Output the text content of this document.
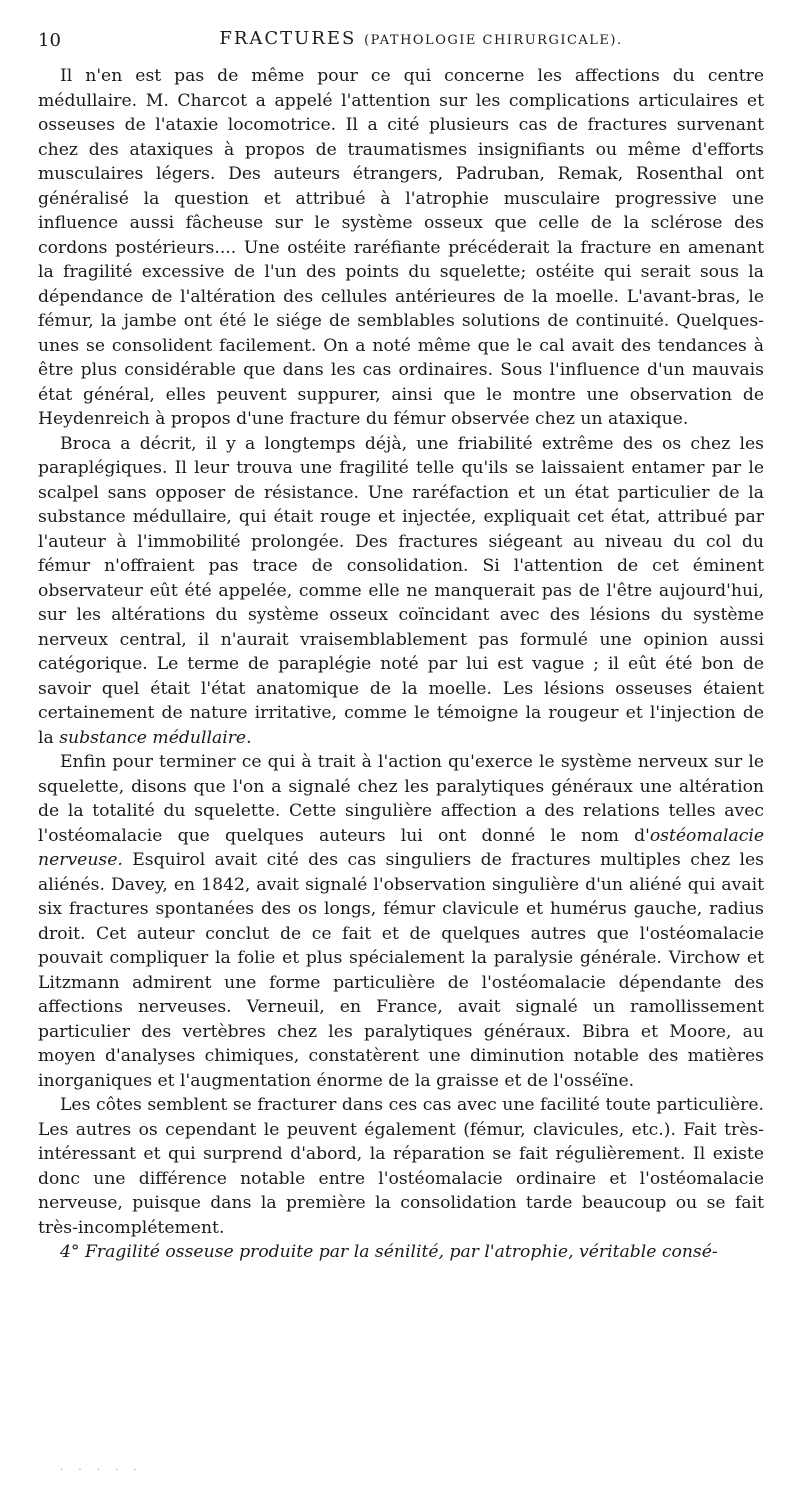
10	FRACTURES (PATHOLOGIE CHIRURGICALE).

Il n'en est pas de même pour ce qui concerne les affections du centre médullaire. M. Charcot a appelé l'attention sur les complications articulaires et osseuses de l'ataxie locomotrice. Il a cité plusieurs cas de fractures survenant chez des ataxiques à propos de traumatismes insignifiants ou même d'efforts musculaires légers. Des auteurs étrangers, Padruban, Remak, Rosenthal ont généralisé la question et attribué à l'atrophie musculaire progressive une influence aussi fâcheuse sur le système osseux que celle de la sclérose des cordons postérieurs.... Une ostéite raréfiante précéderait la fracture en amenant la fragilité excessive de l'un des points du squelette; ostéite qui serait sous la dépendance de l'altération des cellules antérieures de la moelle. L'avant-bras, le fémur, la jambe ont été le siége de semblables solutions de continuité. Quelques-unes se consolident facilement. On a noté même que le cal avait des tendances à être plus considérable que dans les cas ordinaires. Sous l'influence d'un mauvais état général, elles peuvent suppurer, ainsi que le montre une observation de Heydenreich à propos d'une fracture du fémur observée chez un ataxique.

Broca a décrit, il y a longtemps déjà, une friabilité extrême des os chez les paraplégiques. Il leur trouva une fragilité telle qu'ils se laissaient entamer par le scalpel sans opposer de résistance. Une raréfaction et un état particulier de la substance médullaire, qui était rouge et injectée, expliquait cet état, attribué par l'auteur à l'immobilité prolongée. Des fractures siégeant au niveau du col du fémur n'offraient pas trace de consolidation. Si l'attention de cet éminent observateur eût été appelée, comme elle ne manquerait pas de l'être aujourd'hui, sur les altérations du système osseux coïncidant avec des lésions du système nerveux central, il n'aurait vraisemblablement pas formulé une opinion aussi catégorique. Le terme de paraplégie noté par lui est vague ; il eût été bon de savoir quel était l'état anatomique de la moelle. Les lésions osseuses étaient certainement de nature irritative, comme le témoigne la rougeur et l'injection de la substance médullaire.

Enfin pour terminer ce qui à trait à l'action qu'exerce le système nerveux sur le squelette, disons que l'on a signalé chez les paralytiques généraux une altération de la totalité du squelette. Cette singulière affection a des relations telles avec l'ostéomalacie que quelques auteurs lui ont donné le nom d'ostéomalacie nerveuse. Esquirol avait cité des cas singuliers de fractures multiples chez les aliénés. Davey, en 1842, avait signalé l'observation singulière d'un aliéné qui avait six fractures spontanées des os longs, fémur clavicule et humérus gauche, radius droit. Cet auteur conclut de ce fait et de quelques autres que l'ostéomalacie pouvait compliquer la folie et plus spécialement la paralysie générale. Virchow et Litzmann admirent une forme particulière de l'ostéomalacie dépendante des affections nerveuses. Verneuil, en France, avait signalé un ramollissement particulier des vertèbres chez les paralytiques généraux. Bibra et Moore, au moyen d'analyses chimiques, constatèrent une diminution notable des matières inorganiques et l'augmentation énorme de la graisse et de l'osséïne.

Les côtes semblent se fracturer dans ces cas avec une facilité toute particulière. Les autres os cependant le peuvent également (fémur, clavicules, etc.). Fait très-intéressant et qui surprend d'abord, la réparation se fait régulièrement. Il existe donc une différence notable entre l'ostéomalacie ordinaire et l'ostéomalacie nerveuse, puisque dans la première la consolidation tarde beaucoup ou se fait très-incomplétement.

4° Fragilité osseuse produite par la sénilité, par l'atrophie, véritable consé-

· · · · ·
